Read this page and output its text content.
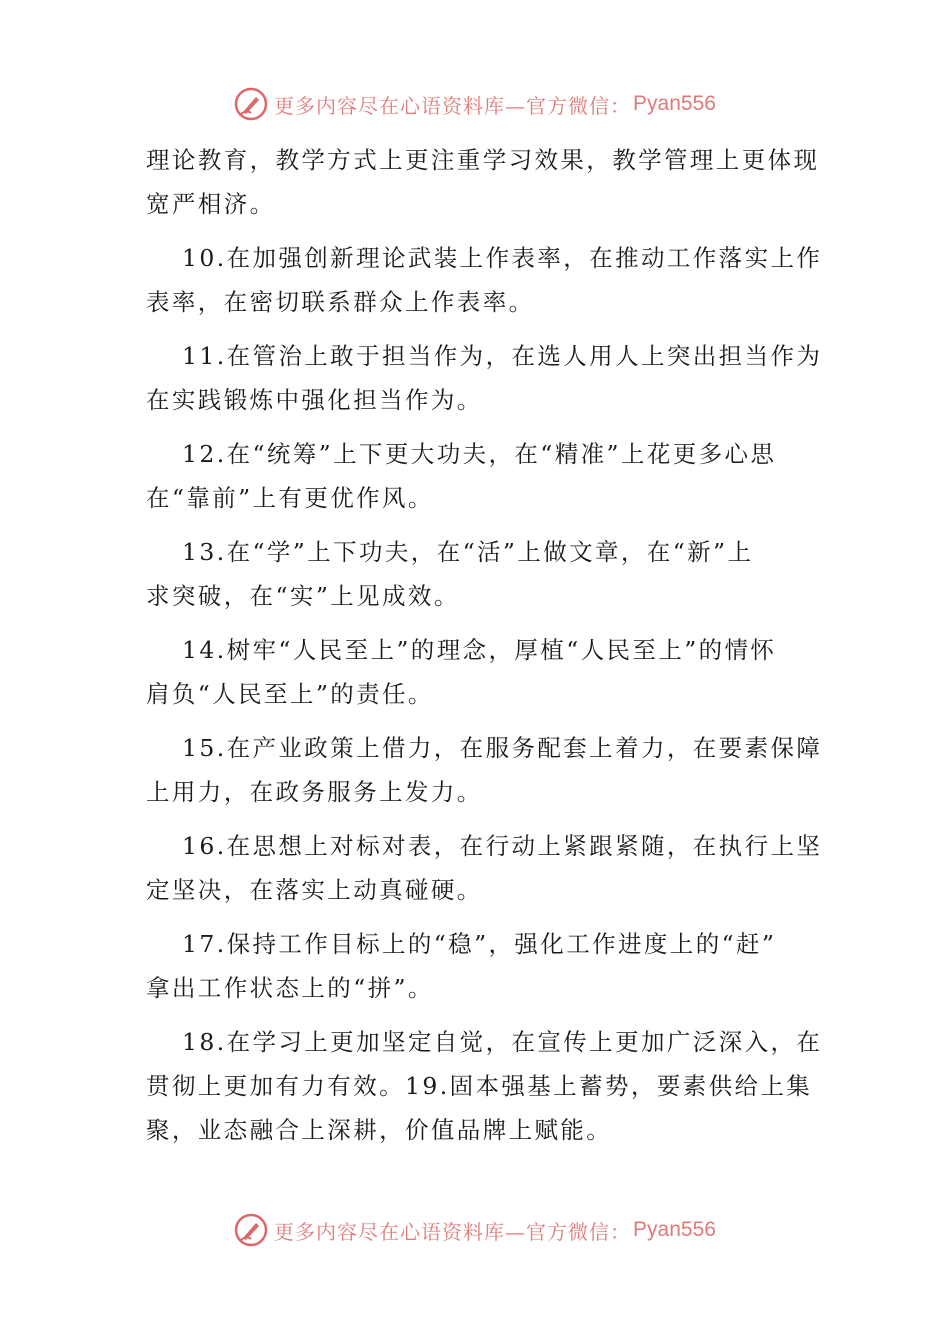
更多内容尽在心语资料库—官方微信： Pyan556

理论教育，教学方式上更注重学习效果，教学管理上更体现
宽严相济。

10.在加强创新理论武装上作表率，在推动工作落实上作
表率，在密切联系群众上作表率。

11.在管治上敢于担当作为，在选人用人上突出担当作为
在实践锻炼中强化担当作为。

12.在“统筹”上下更大功夫，在“精准”上花更多心思
在“靠前”上有更优作风。

13.在“学”上下功夫，在“活”上做文章，在“新”上
求突破，在“实”上见成效。

14.树牢“人民至上”的理念，厚植“人民至上”的情怀
肩负“人民至上”的责任。

15.在产业政策上借力，在服务配套上着力，在要素保障
上用力，在政务服务上发力。

16.在思想上对标对表，在行动上紧跟紧随，在执行上坚
定坚决，在落实上动真碰硬。

17.保持工作目标上的“稳”，强化工作进度上的“赶”
拿出工作状态上的“拼”。

18.在学习上更加坚定自觉，在宣传上更加广泛深入，在
贯彻上更加有力有效。19.固本强基上蓄势，要素供给上集
聚，业态融合上深耕，价值品牌上赋能。

更多内容尽在心语资料库—官方微信： Pyan556
